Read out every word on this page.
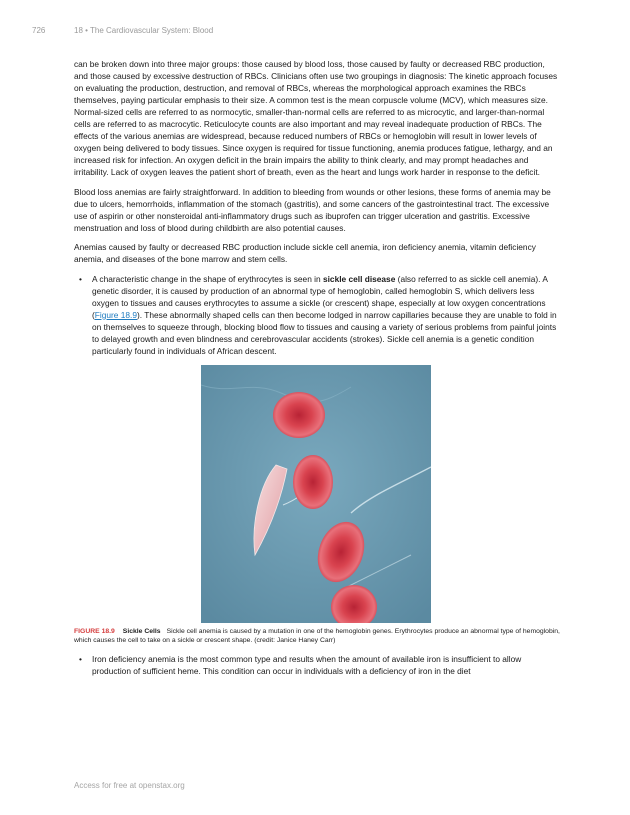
726	18 • The Cardiovascular System: Blood

can be broken down into three major groups: those caused by blood loss, those caused by faulty or decreased RBC production, and those caused by excessive destruction of RBCs. Clinicians often use two groupings in diagnosis: The kinetic approach focuses on evaluating the production, destruction, and removal of RBCs, whereas the morphological approach examines the RBCs themselves, paying particular emphasis to their size. A common test is the mean corpuscle volume (MCV), which measures size. Normal-sized cells are referred to as normocytic, smaller-than-normal cells are referred to as microcytic, and larger-than-normal cells are referred to as macrocytic. Reticulocyte counts are also important and may reveal inadequate production of RBCs. The effects of the various anemias are widespread, because reduced numbers of RBCs or hemoglobin will result in lower levels of oxygen being delivered to body tissues. Since oxygen is required for tissue functioning, anemia produces fatigue, lethargy, and an increased risk for infection. An oxygen deficit in the brain impairs the ability to think clearly, and may prompt headaches and irritability. Lack of oxygen leaves the patient short of breath, even as the heart and lungs work harder in response to the deficit.

Blood loss anemias are fairly straightforward. In addition to bleeding from wounds or other lesions, these forms of anemia may be due to ulcers, hemorrhoids, inflammation of the stomach (gastritis), and some cancers of the gastrointestinal tract. The excessive use of aspirin or other nonsteroidal anti-inflammatory drugs such as ibuprofen can trigger ulceration and gastritis. Excessive menstruation and loss of blood during childbirth are also potential causes.

Anemias caused by faulty or decreased RBC production include sickle cell anemia, iron deficiency anemia, vitamin deficiency anemia, and diseases of the bone marrow and stem cells.

• A characteristic change in the shape of erythrocytes is seen in sickle cell disease (also referred to as sickle cell anemia). A genetic disorder, it is caused by production of an abnormal type of hemoglobin, called hemoglobin S, which delivers less oxygen to tissues and causes erythrocytes to assume a sickle (or crescent) shape, especially at low oxygen concentrations (Figure 18.9). These abnormally shaped cells can then become lodged in narrow capillaries because they are unable to fold in on themselves to squeeze through, blocking blood flow to tissues and causing a variety of serious problems from painful joints to delayed growth and even blindness and cerebrovascular accidents (strokes). Sickle cell anemia is a genetic condition particularly found in individuals of African descent.
FIGURE 18.9 Sickle Cells Sickle cell anemia is caused by a mutation in one of the hemoglobin genes. Erythrocytes produce an abnormal type of hemoglobin, which causes the cell to take on a sickle or crescent shape. (credit: Janice Haney Carr)
• Iron deficiency anemia is the most common type and results when the amount of available iron is insufficient to allow production of sufficient heme. This condition can occur in individuals with a deficiency of iron in the diet
Access for free at openstax.org
